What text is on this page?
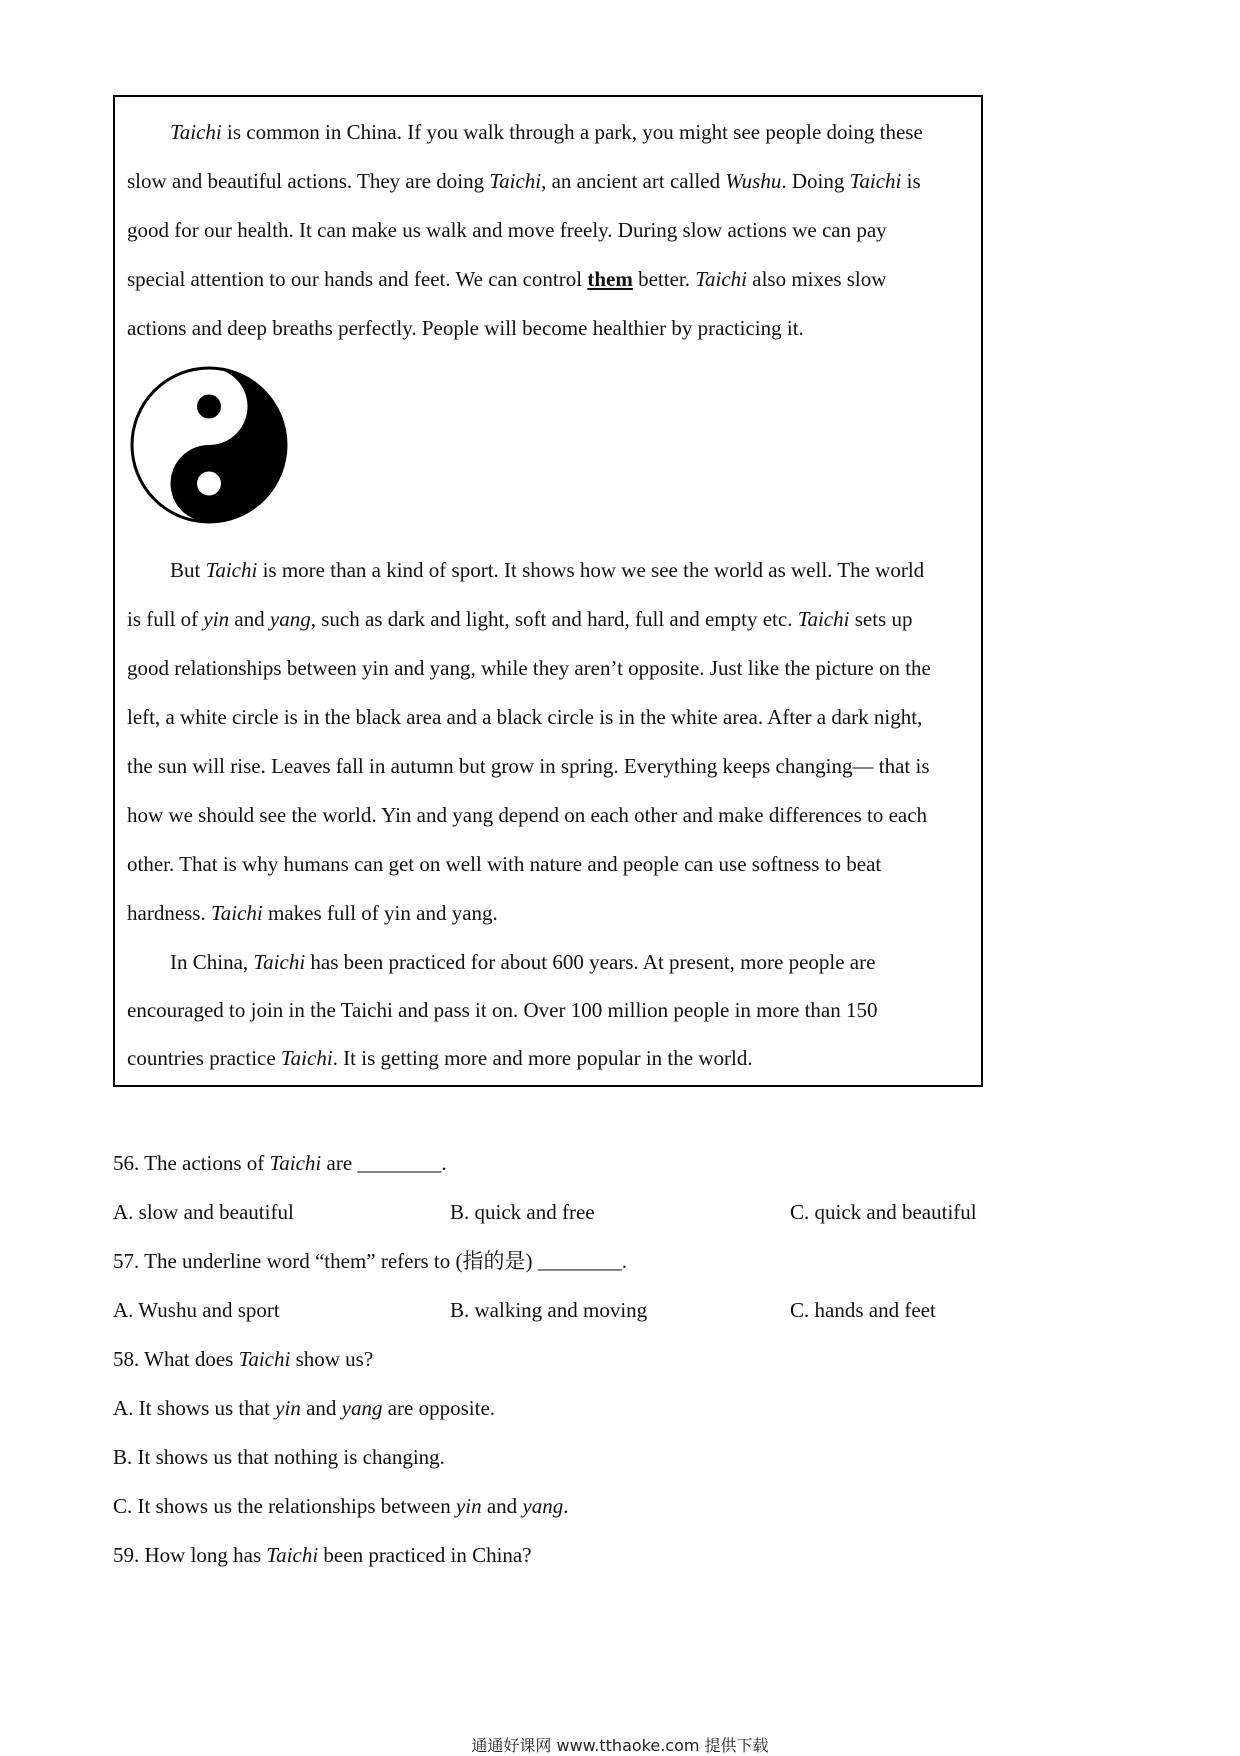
Taichi is common in China. If you walk through a park, you might see people doing these
slow and beautiful actions. They are doing Taichi, an ancient art called Wushu. Doing Taichi is
good for our health. It can make us walk and move freely. During slow actions we can pay
special attention to our hands and feet. We can control them better. Taichi also mixes slow
actions and deep breaths perfectly. People will become healthier by practicing it.
But Taichi is more than a kind of sport. It shows how we see the world as well. The world
is full of yin and yang, such as dark and light, soft and hard, full and empty etc. Taichi sets up
good relationships between yin and yang, while they aren’t opposite. Just like the picture on the
left, a white circle is in the black area and a black circle is in the white area. After a dark night,
the sun will rise. Leaves fall in autumn but grow in spring. Everything keeps changing— that is
how we should see the world. Yin and yang depend on each other and make differences to each
other. That is why humans can get on well with nature and people can use softness to beat
hardness. Taichi makes full of yin and yang.
In China, Taichi has been practiced for about 600 years. At present, more people are
encouraged to join in the Taichi and pass it on. Over 100 million people in more than 150
countries practice Taichi. It is getting more and more popular in the world.
56. The actions of Taichi are ________.
A. slow and beautiful	B. quick and free	C. quick and beautiful
57. The underline word “them” refers to (指的是) ________.
A. Wushu and sport	B. walking and moving	C. hands and feet
58. What does Taichi show us?
A. It shows us that yin and yang are opposite.
B. It shows us that nothing is changing.
C. It shows us the relationships between yin and yang.
59. How long has Taichi been practiced in China?
通通好课网 www.tthaoke.com 提供下载
